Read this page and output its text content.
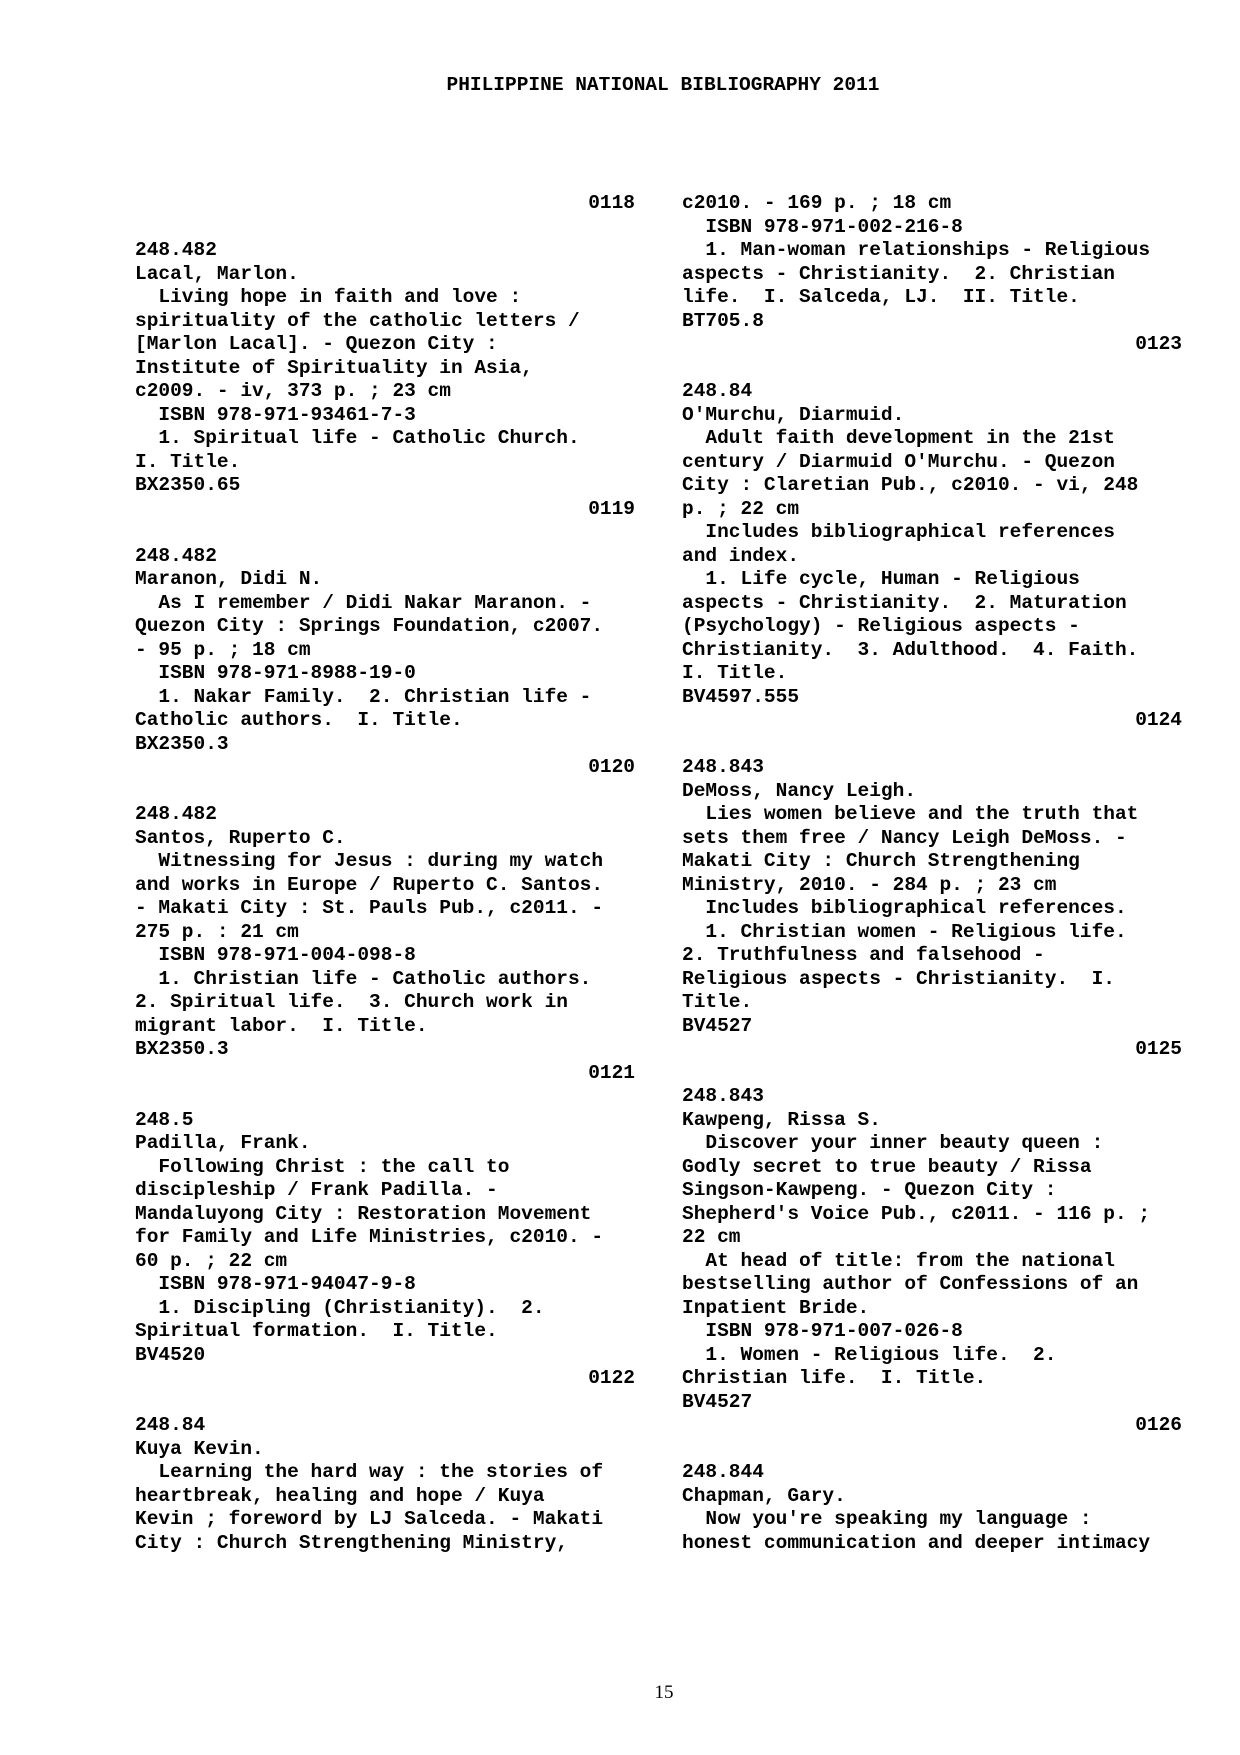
PHILIPPINE NATIONAL BIBLIOGRAPHY 2011
0118
248.482
Lacal, Marlon.
Living hope in faith and love :
spirituality of the catholic letters /
[Marlon Lacal]. - Quezon City :
Institute of Spirituality in Asia,
c2009. - iv, 373 p. ; 23 cm
ISBN 978-971-93461-7-3
1. Spiritual life - Catholic Church.
I. Title.
BX2350.65
0119
248.482
Maranon, Didi N.
As I remember / Didi Nakar Maranon. -
Quezon City : Springs Foundation, c2007.
- 95 p. ; 18 cm
ISBN 978-971-8988-19-0
1. Nakar Family.  2. Christian life -
Catholic authors.  I. Title.
BX2350.3
0120
248.482
Santos, Ruperto C.
Witnessing for Jesus : during my watch
and works in Europe / Ruperto C. Santos.
- Makati City : St. Pauls Pub., c2011. -
275 p. : 21 cm
ISBN 978-971-004-098-8
1. Christian life - Catholic authors.
2. Spiritual life.  3. Church work in
migrant labor.  I. Title.
BX2350.3
0121
248.5
Padilla, Frank.
Following Christ : the call to
discipleship / Frank Padilla. -
Mandaluyong City : Restoration Movement
for Family and Life Ministries, c2010. -
60 p. ; 22 cm
ISBN 978-971-94047-9-8
1. Discipling (Christianity).  2.
Spiritual formation.  I. Title.
BV4520
0122
248.84
Kuya Kevin.
Learning the hard way : the stories of
heartbreak, healing and hope / Kuya
Kevin ; foreword by LJ Salceda. - Makati
City : Church Strengthening Ministry,
c2010. - 169 p. ; 18 cm
ISBN 978-971-002-216-8
1. Man-woman relationships - Religious
aspects - Christianity.  2. Christian
life.  I. Salceda, LJ.  II. Title.
BT705.8
0123
248.84
O'Murchu, Diarmuid.
Adult faith development in the 21st
century / Diarmuid O'Murchu. - Quezon
City : Claretian Pub., c2010. - vi, 248
p. ; 22 cm
Includes bibliographical references
and index.
1. Life cycle, Human - Religious
aspects - Christianity.  2. Maturation
(Psychology) - Religious aspects -
Christianity.  3. Adulthood.  4. Faith.
I. Title.
BV4597.555
0124
248.843
DeMoss, Nancy Leigh.
Lies women believe and the truth that
sets them free / Nancy Leigh DeMoss. -
Makati City : Church Strengthening
Ministry, 2010. - 284 p. ; 23 cm
Includes bibliographical references.
1. Christian women - Religious life.
2. Truthfulness and falsehood -
Religious aspects - Christianity.  I.
Title.
BV4527
0125
248.843
Kawpeng, Rissa S.
Discover your inner beauty queen :
Godly secret to true beauty / Rissa
Singson-Kawpeng. - Quezon City :
Shepherd's Voice Pub., c2011. - 116 p. ;
22 cm
At head of title: from the national
bestselling author of Confessions of an
Inpatient Bride.
ISBN 978-971-007-026-8
1. Women - Religious life.  2.
Christian life.  I. Title.
BV4527
0126
248.844
Chapman, Gary.
Now you're speaking my language :
honest communication and deeper intimacy
15
